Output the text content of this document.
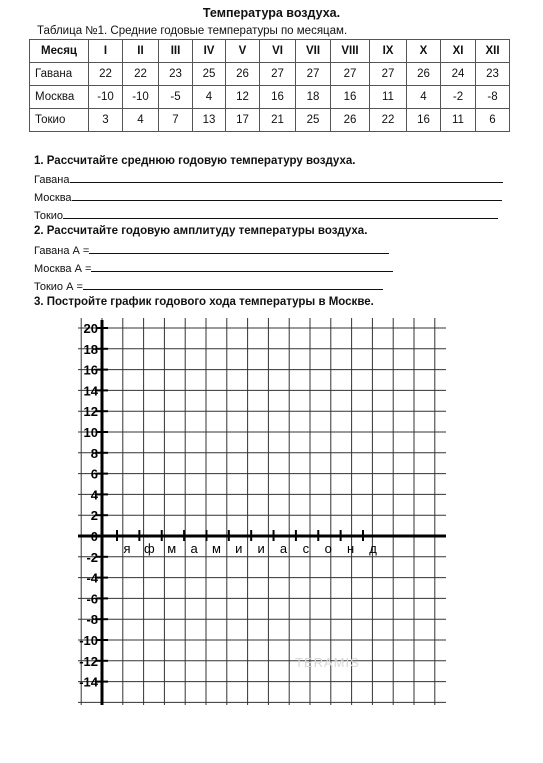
Температура воздуха.
Таблица №1. Средние годовые температуры по месяцам.
Месяц	I	II	III	IV	V	VI	VII	VIII	IX	X	XI	XII
Гавана	22	22	23	25	26	27	27	27	27	26	24	23
Москва	-10	-10	-5	4	12	16	18	16	11	4	-2	-8
Токио	3	4	7	13	17	21	25	26	22	16	11	6
1. Рассчитайте среднюю годовую температуру воздуха.
Гавана
Москва
Токио
2. Рассчитайте годовую амплитуду температуры воздуха.
Гавана А =
Москва А =
Токио А =
3. Постройте график годового хода температуры в Москве.
20
18
16
14
12
10
8
6
4
2
0
-2
-4
-6
-8
-10
-12
-14
я ф м а м и и а с о н д
TERAMIS
